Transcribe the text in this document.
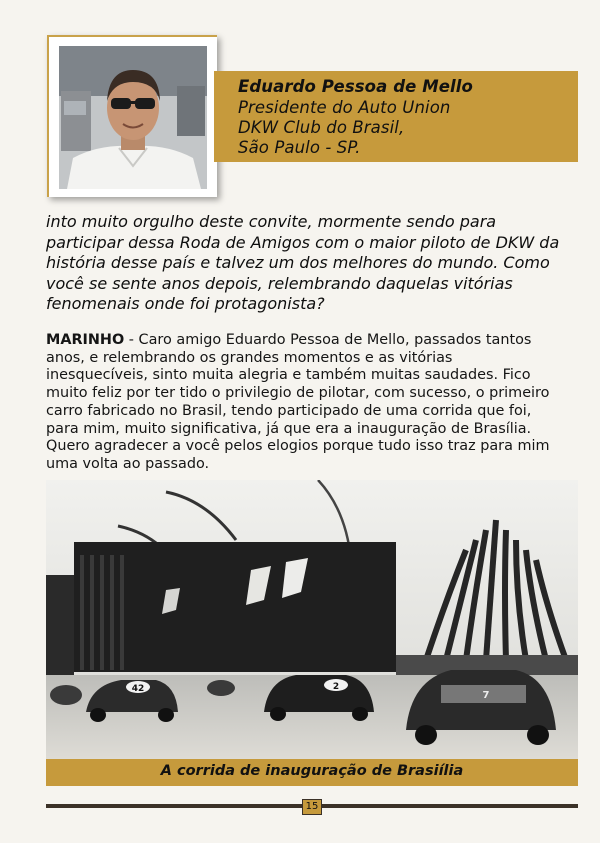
Eduardo Pessoa de Mello
Presidente do Auto Union
DKW Club do Brasil,
São Paulo - SP.
into muito orgulho deste convite, mormente sendo para
participar dessa Roda de Amigos com o maior piloto de DKW da
história desse país e talvez um dos melhores do mundo. Como
você se sente anos depois, relembrando daquelas vitórias
fenomenais onde foi protagonista?
MARINHO - Caro amigo Eduardo Pessoa de Mello, passados tantos
anos, e relembrando os grandes momentos e as vitórias
inesquecíveis, sinto muita alegria e também muitas saudades. Fico
muito feliz por ter tido o privilegio de pilotar, com sucesso, o primeiro
carro fabricado no Brasil, tendo participado de uma corrida que foi,
para mim, muito significativa, já que era a inauguração de Brasília.
Quero agradecer a você pelos elogios porque tudo isso traz para mim
uma volta ao passado.
42	2
7
A corrida de inauguração de Brasiília
15
